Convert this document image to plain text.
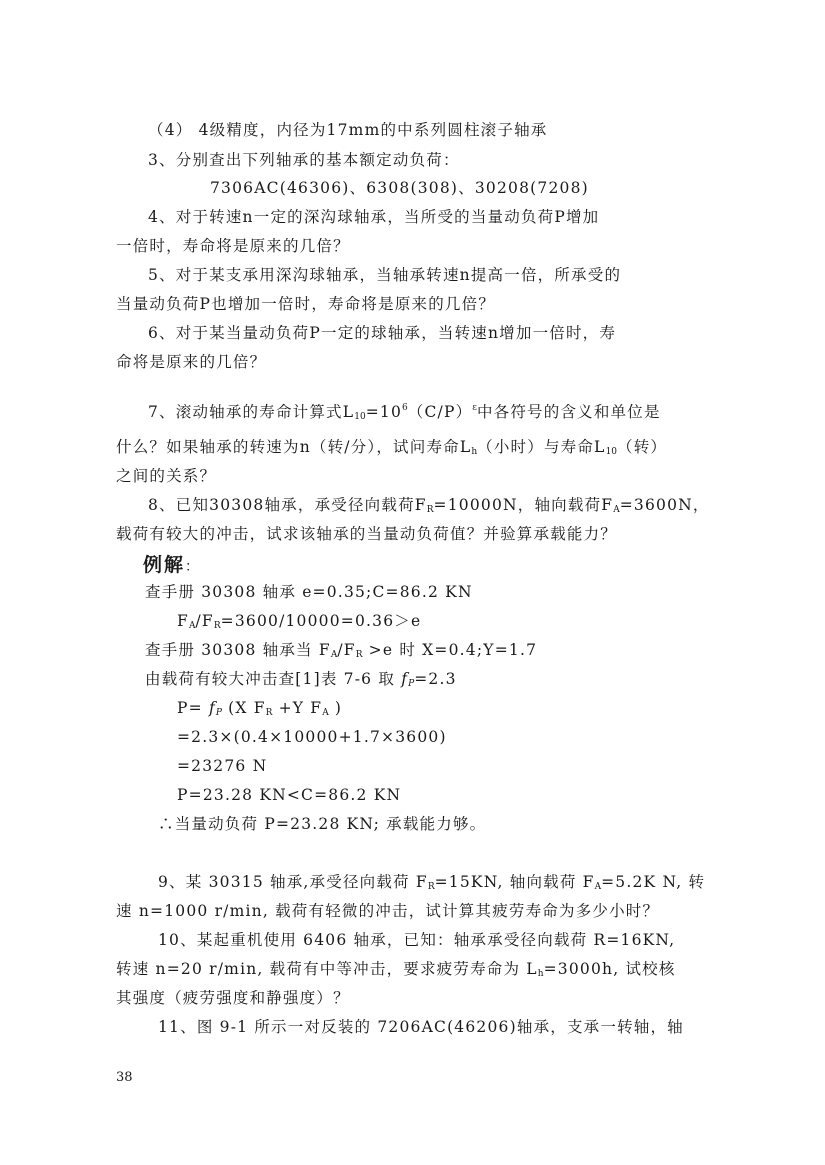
（4） 4级精度，内径为17mm的中系列圆柱滚子轴承
3、分别查出下列轴承的基本额定动负荷：
7306AC(46306)、6308(308)、30208(7208)
4、对于转速n一定的深沟球轴承，当所受的当量动负荷P增加
一倍时，寿命将是原来的几倍？
5、对于某支承用深沟球轴承，当轴承转速n提高一倍，所承受的
当量动负荷P也增加一倍时，寿命将是原来的几倍？
6、对于某当量动负荷P一定的球轴承，当转速n增加一倍时，寿
命将是原来的几倍？
7、滚动轴承的寿命计算式$L_{10}=10^6(C/P)^\varepsilon$中各符号的含义和单位是
什么？如果轴承的转速为n（转/分），试问寿命$L_h$（小时）与寿命$L_{10}$（转）
之间的关系？
8、已知30308轴承，承受径向载荷$F_R=10000N$，轴向载荷$F_A=3600N$，
载荷有较大的冲击，试求该轴承的当量动负荷值？并验算承载能力？
例解：
查手册 30308 轴承 e=0.35;C=86.2 KN
$F_A/F_R=3600/10000=0.36>e$
查手册 30308 轴承当 $F_A/F_R >e$ 时 X=0.4;Y=1.7
由载荷有较大冲击查[1]表 7-6 取 $f_P=2.3$
$P= f_P$ (X $F_R +Y$ $F_A$ )
=2.3×(0.4×10000+1.7×3600)
=23276 N
P=23.28 KN<C=86.2 KN
∴当量动负荷 P=23.28 KN; 承载能力够。
9、某 30315 轴承,承受径向载荷 $F_R=15KN$, 轴向载荷 $F_A=5.2K$ N, 转
速 n=1000 r/min, 载荷有轻微的冲击，试计算其疲劳寿命为多少小时？
10、某起重机使用 6406 轴承，已知：轴承承受径向载荷 R=16KN,
转速 n=20 r/min, 载荷有中等冲击，要求疲劳寿命为 $L_h=3000h$, 试校核
其强度（疲劳强度和静强度）？
11、图 9-1 所示一对反装的 7206AC(46206)轴承，支承一转轴，轴
38
